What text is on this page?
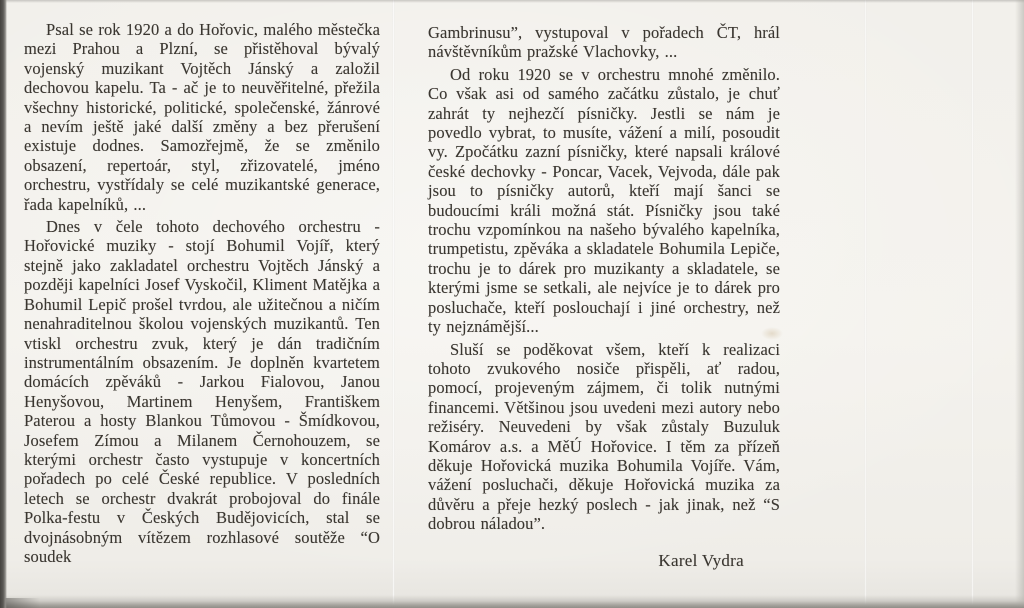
Psal se rok 1920 a do Hořovic, malého městečka mezi Prahou a Plzní, se přistěhoval bývalý vojenský muzikant Vojtěch Jánský a založil dechovou kapelu. Ta - ač je to neuvěřitelné, přežila všechny historické, politické, společenské, žánrové a nevím ještě jaké další změny a bez přerušení existuje dodnes. Samozřejmě, že se změnilo obsazení, repertoár, styl, zřizovatelé, jméno orchestru, vystřídaly se celé muzikantské generace, řada kapelníků, ...

Dnes v čele tohoto dechového orchestru - Hořovické muziky - stojí Bohumil Vojíř, který stejně jako zakladatel orchestru Vojtěch Jánský a později kapelníci Josef Vyskočil, Kliment Matějka a Bohumil Lepič prošel tvrdou, ale užitečnou a ničím nenahraditelnou školou vojenských muzikantů. Ten vtiskl orchestru zvuk, který je dán tradičním instrumentálním obsazením. Je doplněn kvartetem domácích zpěváků - Jarkou Fialovou, Janou Henyšovou, Martinem Henyšem, Františkem Paterou a hosty Blankou Tůmovou - Šmídkovou, Josefem Zímou a Milanem Černohouzem, se kterými orchestr často vystupuje v koncertních pořadech po celé České republice. V posledních letech se orchestr dvakrát probojoval do finále Polka-festu v Českých Budějovicích, stal se dvojnásobným vítězem rozhlasové soutěže “O soudek

Gambrinusu”, vystupoval v pořadech ČT, hrál návštěvníkům pražské Vlachovky, ...

Od roku 1920 se v orchestru mnohé změnilo. Co však asi od samého začátku zůstalo, je chuť zahrát ty nejhezčí písničky. Jestli se nám je povedlo vybrat, to musíte, vážení a milí, posoudit vy. Zpočátku zazní písničky, které napsali králové české dechovky - Poncar, Vacek, Vejvoda, dále pak jsou to písničky autorů, kteří mají šanci se budoucími králi možná stát. Písničky jsou také trochu vzpomínkou na našeho bývalého kapelníka, trumpetistu, zpěváka a skladatele Bohumila Lepiče, trochu je to dárek pro muzikanty a skladatele, se kterými jsme se setkali, ale nejvíce je to dárek pro posluchače, kteří poslouchají i jiné orchestry, než ty nejznámější...

Sluší se poděkovat všem, kteří k realizaci tohoto zvukového nosiče přispěli, ať radou, pomocí, projeveným zájmem, či tolik nutnými financemi. Většinou jsou uvedeni mezi autory nebo režiséry. Neuvedeni by však zůstaly Buzuluk Komárov a.s. a MěÚ Hořovice. I těm za přízeň děkuje Hořovická muzika Bohumila Vojíře. Vám, vážení posluchači, děkuje Hořovická muzika za důvěru a přeje hezký poslech - jak jinak, než “S dobrou náladou”.

Karel Vydra
